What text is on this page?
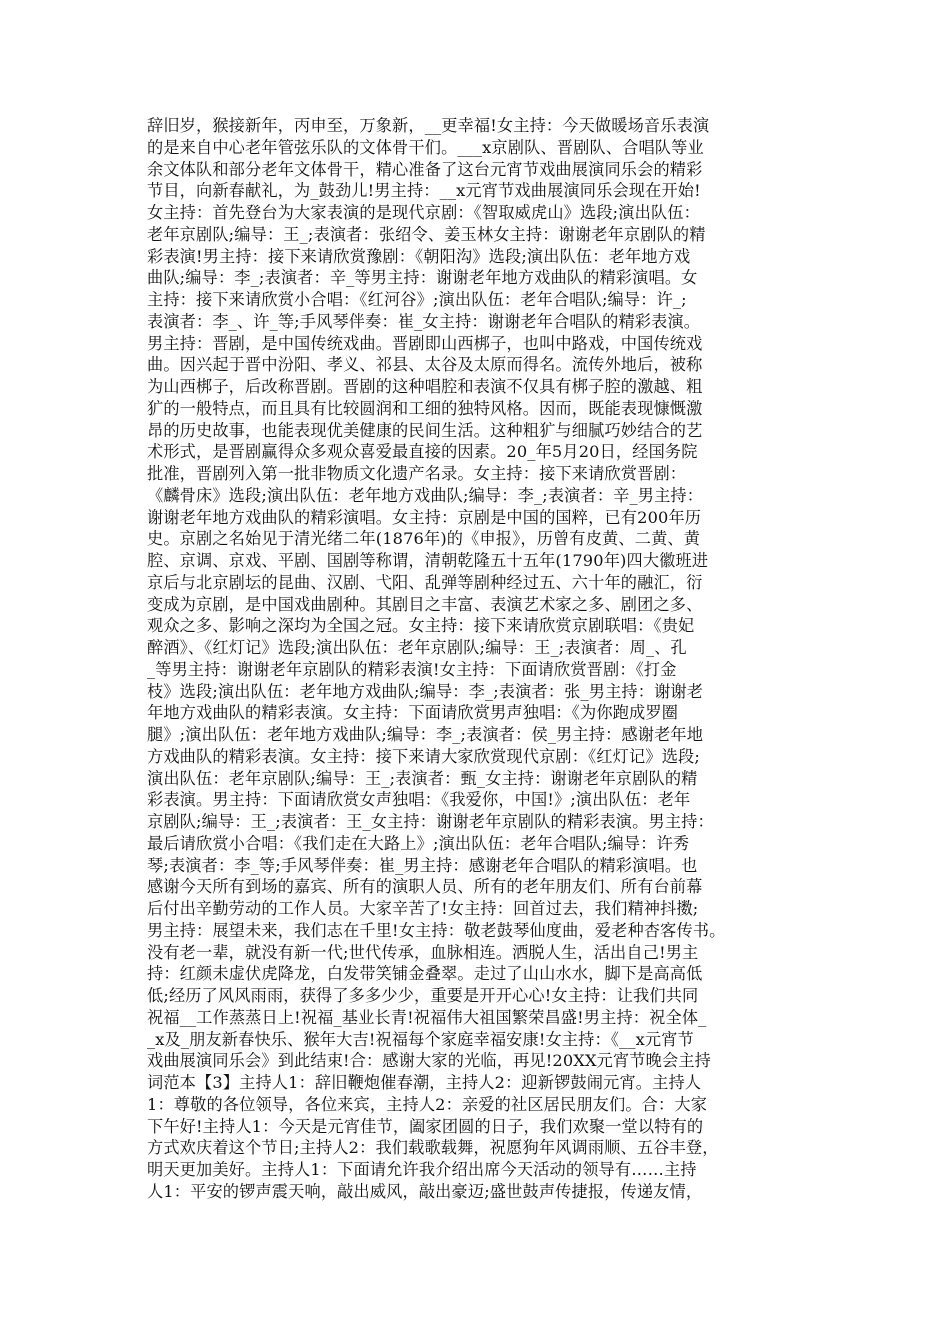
辞旧岁，猴接新年，丙申至，万象新，__更幸福!女主持：今天做暖场音乐表演
的是来自中心老年管弦乐队的文体骨干们。___x京剧队、晋剧队、合唱队等业
余文体队和部分老年文体骨干，精心准备了这台元宵节戏曲展演同乐会的精彩
节目，向新春献礼，为_鼓劲儿!男主持：__x元宵节戏曲展演同乐会现在开始!
女主持：首先登台为大家表演的是现代京剧：《智取威虎山》选段;演出队伍：
老年京剧队;编导：王_;表演者：张绍令、姜玉林女主持：谢谢老年京剧队的精
彩表演!男主持：接下来请欣赏豫剧：《朝阳沟》选段;演出队伍：老年地方戏
曲队;编导：李_;表演者：辛_等男主持：谢谢老年地方戏曲队的精彩演唱。女
主持：接下来请欣赏小合唱：《红河谷》;演出队伍：老年合唱队;编导：许_;
表演者：李_、许_等;手风琴伴奏：崔_女主持：谢谢老年合唱队的精彩表演。
男主持：晋剧，是中国传统戏曲。晋剧即山西梆子，也叫中路戏，中国传统戏
曲。因兴起于晋中汾阳、孝义、祁县、太谷及太原而得名。流传外地后，被称
为山西梆子，后改称晋剧。晋剧的这种唱腔和表演不仅具有梆子腔的激越、粗
犷的一般特点，而且具有比较圆润和工细的独特风格。因而，既能表现慷慨激
昂的历史故事，也能表现优美健康的民间生活。这种粗犷与细腻巧妙结合的艺
术形式，是晋剧赢得众多观众喜爱最直接的因素。20_年5月20日，经国务院
批准，晋剧列入第一批非物质文化遗产名录。女主持：接下来请欣赏晋剧：
《麟骨床》选段;演出队伍：老年地方戏曲队;编导：李_;表演者：辛_男主持：
谢谢老年地方戏曲队的精彩演唱。女主持：京剧是中国的国粹，已有200年历
史。京剧之名始见于清光绪二年(1876年)的《申报》，历曾有皮黄、二黄、黄
腔、京调、京戏、平剧、国剧等称谓，清朝乾隆五十五年(1790年)四大徽班进
京后与北京剧坛的昆曲、汉剧、弋阳、乱弹等剧种经过五、六十年的融汇，衍
变成为京剧，是中国戏曲剧种。其剧目之丰富、表演艺术家之多、剧团之多、
观众之多、影响之深均为全国之冠。女主持：接下来请欣赏京剧联唱：《贵妃
醉酒》、《红灯记》选段;演出队伍：老年京剧队;编导：王_;表演者：周_、孔
_等男主持：谢谢老年京剧队的精彩表演!女主持：下面请欣赏晋剧：《打金
枝》选段;演出队伍：老年地方戏曲队;编导：李_;表演者：张_男主持：谢谢老
年地方戏曲队的精彩表演。女主持：下面请欣赏男声独唱：《为你跑成罗圈
腿》;演出队伍：老年地方戏曲队;编导：李_;表演者：侯_男主持：感谢老年地
方戏曲队的精彩表演。女主持：接下来请大家欣赏现代京剧：《红灯记》选段;
演出队伍：老年京剧队;编导：王_;表演者：甄_女主持：谢谢老年京剧队的精
彩表演。男主持：下面请欣赏女声独唱：《我爱你，中国!》;演出队伍：老年
京剧队;编导：王_;表演者：王_女主持：谢谢老年京剧队的精彩表演。男主持：
最后请欣赏小合唱：《我们走在大路上》;演出队伍：老年合唱队;编导：许秀
琴;表演者：李_等;手风琴伴奏：崔_男主持：感谢老年合唱队的精彩演唱。也
感谢今天所有到场的嘉宾、所有的演职人员、所有的老年朋友们、所有台前幕
后付出辛勤劳动的工作人员。大家辛苦了!女主持：回首过去，我们精神抖擞;
男主持：展望未来，我们志在千里!女主持：敬老鼓琴仙度曲，爱老种杏客传书。
没有老一辈，就没有新一代;世代传承，血脉相连。洒脱人生，活出自己!男主
持：红颜未虚伏虎降龙，白发带笑铺金叠翠。走过了山山水水，脚下是高高低
低;经历了风风雨雨，获得了多多少少，重要是开开心心!女主持：让我们共同
祝福__工作蒸蒸日上!祝福_基业长青!祝福伟大祖国繁荣昌盛!男主持：祝全体_
_x及_朋友新春快乐、猴年大吉!祝福每个家庭幸福安康!女主持：《__x元宵节
戏曲展演同乐会》到此结束!合：感谢大家的光临，再见!20XX元宵节晚会主持
词范本【3】主持人1：辞旧鞭炮催春潮，主持人2：迎新锣鼓闹元宵。主持人
1：尊敬的各位领导，各位来宾，主持人2：亲爱的社区居民朋友们。合：大家
下午好!主持人1：今天是元宵佳节，阖家团圆的日子，我们欢聚一堂以特有的
方式欢庆着这个节日;主持人2：我们载歌载舞，祝愿狗年风调雨顺、五谷丰登，
明天更加美好。主持人1：下面请允许我介绍出席今天活动的领导有……主持
人1：平安的锣声震天响，敲出威风，敲出豪迈;盛世鼓声传捷报，传递友情，
